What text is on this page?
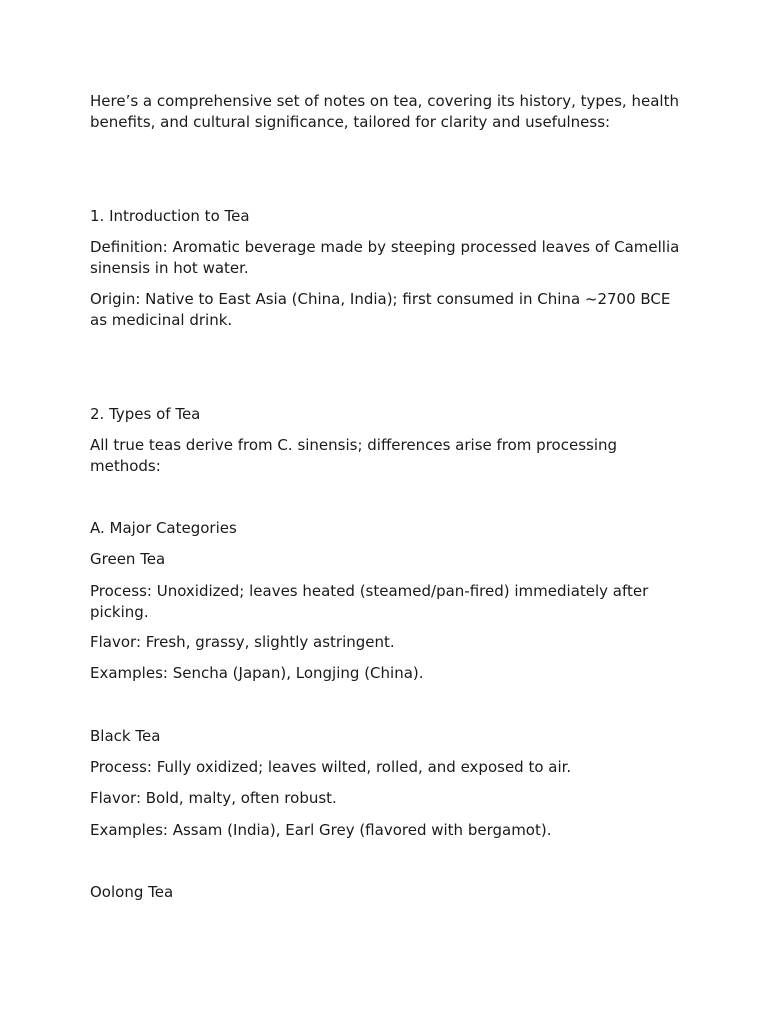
Here’s a comprehensive set of notes on tea, covering its history, types, health benefits, and cultural significance, tailored for clarity and usefulness:

1. Introduction to Tea

Definition: Aromatic beverage made by steeping processed leaves of Camellia sinensis in hot water.

Origin: Native to East Asia (China, India); first consumed in China ~2700 BCE as medicinal drink.

2. Types of Tea

All true teas derive from C. sinensis; differences arise from processing methods:

A. Major Categories

Green Tea

Process: Unoxidized; leaves heated (steamed/pan-fired) immediately after picking.

Flavor: Fresh, grassy, slightly astringent.

Examples: Sencha (Japan), Longjing (China).

Black Tea

Process: Fully oxidized; leaves wilted, rolled, and exposed to air.

Flavor: Bold, malty, often robust.

Examples: Assam (India), Earl Grey (flavored with bergamot).

Oolong Tea
